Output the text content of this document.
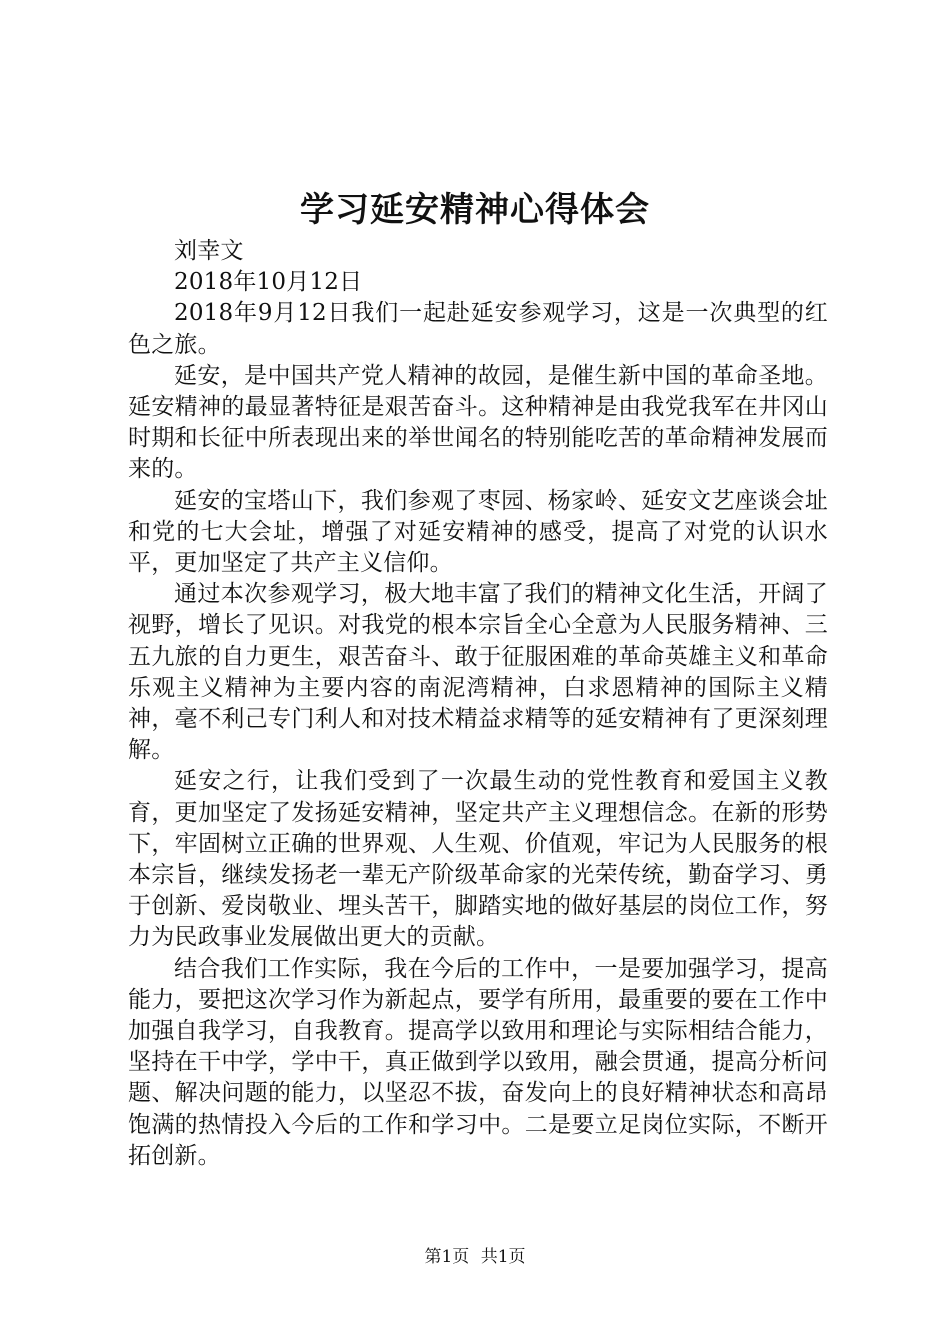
学习延安精神心得体会

刘幸文

2018年10月12日

2018年9月12日我们一起赴延安参观学习，这是一次典型的红色之旅。

延安，是中国共产党人精神的故园，是催生新中国的革命圣地。延安精神的最显著特征是艰苦奋斗。这种精神是由我党我军在井冈山时期和长征中所表现出来的举世闻名的特别能吃苦的革命精神发展而来的。

延安的宝塔山下，我们参观了枣园、杨家岭、延安文艺座谈会址和党的七大会址，增强了对延安精神的感受，提高了对党的认识水平，更加坚定了共产主义信仰。

通过本次参观学习，极大地丰富了我们的精神文化生活，开阔了视野，增长了见识。对我党的根本宗旨全心全意为人民服务精神、三五九旅的自力更生，艰苦奋斗、敢于征服困难的革命英雄主义和革命乐观主义精神为主要内容的南泥湾精神，白求恩精神的国际主义精神，毫不利己专门利人和对技术精益求精等的延安精神有了更深刻理解。

延安之行，让我们受到了一次最生动的党性教育和爱国主义教育，更加坚定了发扬延安精神，坚定共产主义理想信念。在新的形势下，牢固树立正确的世界观、人生观、价值观，牢记为人民服务的根本宗旨，继续发扬老一辈无产阶级革命家的光荣传统，勤奋学习、勇于创新、爱岗敬业、埋头苦干，脚踏实地的做好基层的岗位工作，努力为民政事业发展做出更大的贡献。

结合我们工作实际，我在今后的工作中，一是要加强学习，提高能力，要把这次学习作为新起点，要学有所用，最重要的要在工作中加强自我学习，自我教育。提高学以致用和理论与实际相结合能力，坚持在干中学，学中干，真正做到学以致用，融会贯通，提高分析问题、解决问题的能力，以坚忍不拔，奋发向上的良好精神状态和高昂饱满的热情投入今后的工作和学习中。二是要立足岗位实际，不断开拓创新。

第1页 共1页
